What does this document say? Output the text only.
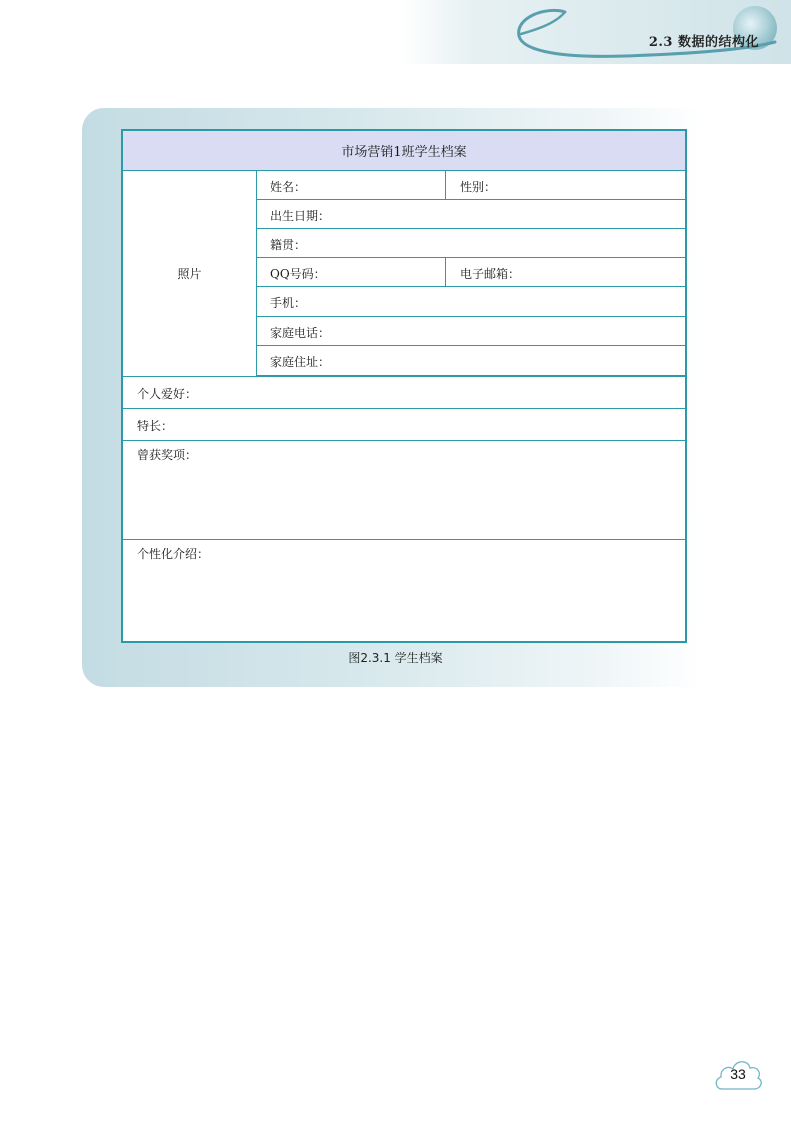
2.3 数据的结构化
市场营销1班学生档案
照片
姓名：	性别：
出生日期：
籍贯：
QQ号码：	电子邮箱：
手机：
家庭电话：
家庭住址：
个人爱好：
特长：
曾获奖项：
个性化介绍：
图2.3.1 学生档案
33
